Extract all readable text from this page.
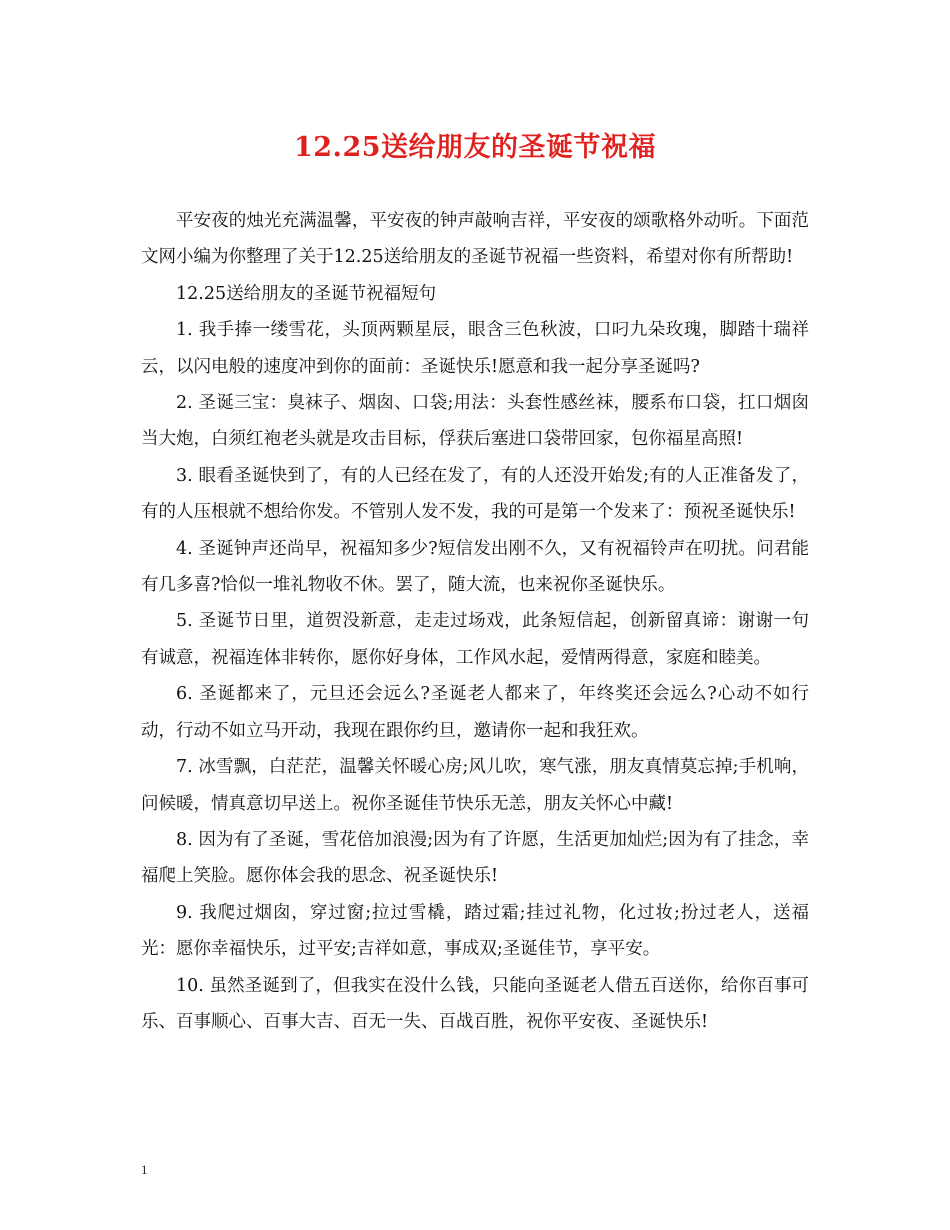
12.25送给朋友的圣诞节祝福

平安夜的烛光充满温馨，平安夜的钟声敲响吉祥，平安夜的颂歌格外动听。下面范文网小编为你整理了关于12.25送给朋友的圣诞节祝福一些资料，希望对你有所帮助!

12.25送给朋友的圣诞节祝福短句

1. 我手捧一缕雪花，头顶两颗星辰，眼含三色秋波，口叼九朵玫瑰，脚踏十瑞祥云，以闪电般的速度冲到你的面前：圣诞快乐!愿意和我一起分享圣诞吗?

2. 圣诞三宝：臭袜子、烟囱、口袋;用法：头套性感丝袜，腰系布口袋，扛口烟囱当大炮，白须红袍老头就是攻击目标，俘获后塞进口袋带回家，包你福星高照!

3. 眼看圣诞快到了，有的人已经在发了，有的人还没开始发;有的人正准备发了，有的人压根就不想给你发。不管别人发不发，我的可是第一个发来了：预祝圣诞快乐!

4. 圣诞钟声还尚早，祝福知多少?短信发出刚不久，又有祝福铃声在叨扰。问君能有几多喜?恰似一堆礼物收不休。罢了，随大流，也来祝你圣诞快乐。

5. 圣诞节日里，道贺没新意，走走过场戏，此条短信起，创新留真谛：谢谢一句有诚意，祝福连体非转你，愿你好身体，工作风水起，爱情两得意，家庭和睦美。

6. 圣诞都来了，元旦还会远么?圣诞老人都来了，年终奖还会远么?心动不如行动，行动不如立马开动，我现在跟你约旦，邀请你一起和我狂欢。

7. 冰雪飘，白茫茫，温馨关怀暖心房;风儿吹，寒气涨，朋友真情莫忘掉;手机响，问候暖，情真意切早送上。祝你圣诞佳节快乐无恙，朋友关怀心中藏!

8. 因为有了圣诞，雪花倍加浪漫;因为有了许愿，生活更加灿烂;因为有了挂念，幸福爬上笑脸。愿你体会我的思念、祝圣诞快乐!

9. 我爬过烟囱，穿过窗;拉过雪橇，踏过霜;挂过礼物，化过妆;扮过老人，送福光：愿你幸福快乐，过平安;吉祥如意，事成双;圣诞佳节，享平安。

10. 虽然圣诞到了，但我实在没什么钱，只能向圣诞老人借五百送你，给你百事可乐、百事顺心、百事大吉、百无一失、百战百胜，祝你平安夜、圣诞快乐!

1
